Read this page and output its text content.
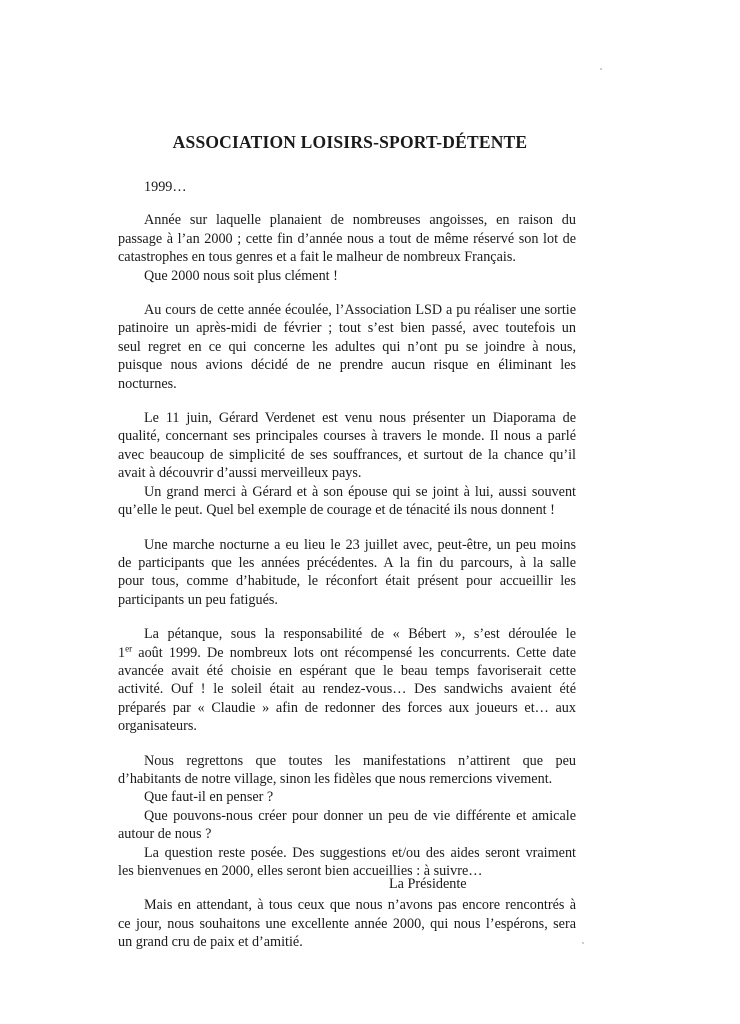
ASSOCIATION LOISIRS-SPORT-DÉTENTE

1999…

Année sur laquelle planaient de nombreuses angoisses, en raison du
passage à l’an 2000 ; cette fin d’année nous a tout de même réservé son lot de
catastrophes en tous genres et a fait le malheur de nombreux Français.
Que 2000 nous soit plus clément !
Au cours de cette année écoulée, l’Association LSD a pu réaliser une sortie
patinoire un après-midi de février ; tout s’est bien passé, avec toutefois un
seul regret en ce qui concerne les adultes qui n’ont pu se joindre à nous,
puisque nous avions décidé de ne prendre aucun risque en éliminant les
nocturnes.
Le 11 juin, Gérard Verdenet est venu nous présenter un Diaporama de
qualité, concernant ses principales courses à travers le monde. Il nous a parlé
avec beaucoup de simplicité de ses souffrances, et surtout de la chance qu’il
avait à découvrir d’aussi merveilleux pays.
Un grand merci à Gérard et à son épouse qui se joint à lui, aussi souvent
qu’elle le peut. Quel bel exemple de courage et de ténacité ils nous donnent !
Une marche nocturne a eu lieu le 23 juillet avec, peut-être, un peu moins
de participants que les années précédentes. A la fin du parcours, à la salle
pour tous, comme d’habitude, le réconfort était présent pour accueillir les
participants un peu fatigués.
La pétanque, sous la responsabilité de « Bébert », s’est déroulée le
1er août 1999. De nombreux lots ont récompensé les concurrents. Cette date
avancée avait été choisie en espérant que le beau temps favoriserait cette
activité. Ouf ! le soleil était au rendez-vous… Des sandwichs avaient été
préparés par « Claudie » afin de redonner des forces aux joueurs et… aux
organisateurs.
Nous regrettons que toutes les manifestations n’attirent que peu
d’habitants de notre village, sinon les fidèles que nous remercions vivement.
Que faut-il en penser ?
Que pouvons-nous créer pour donner un peu de vie différente et amicale
autour de nous ?
La question reste posée. Des suggestions et/ou des aides seront vraiment
les bienvenues en 2000, elles seront bien accueillies : à suivre…
Mais en attendant, à tous ceux que nous n’avons pas encore rencontrés à
ce jour, nous souhaitons une excellente année 2000, qui nous l’espérons, sera
un grand cru de paix et d’amitié.

La Présidente
